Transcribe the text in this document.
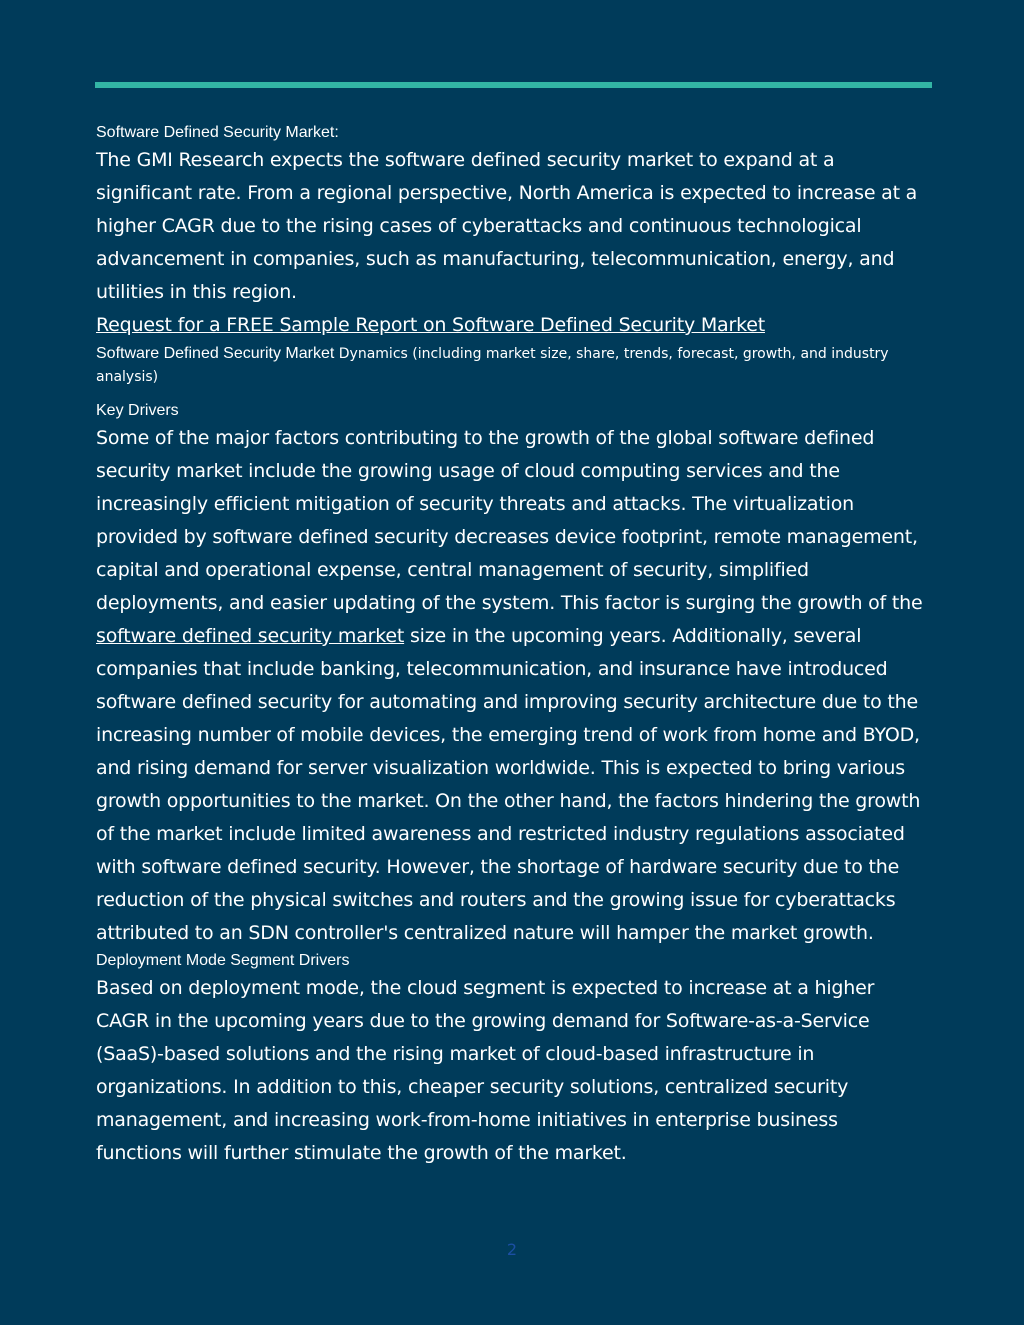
Software Defined Security Market:

The GMI Research expects the software defined security market to expand at a significant rate. From a regional perspective, North America is expected to increase at a higher CAGR due to the rising cases of cyberattacks and continuous technological advancement in companies, such as manufacturing, telecommunication, energy, and utilities in this region.

Request for a FREE Sample Report on Software Defined Security Market

Software Defined Security Market Dynamics (including market size, share, trends, forecast, growth, and industry analysis)

Key Drivers

Some of the major factors contributing to the growth of the global software defined security market include the growing usage of cloud computing services and the increasingly efficient mitigation of security threats and attacks. The virtualization provided by software defined security decreases device footprint, remote management, capital and operational expense, central management of security, simplified deployments, and easier updating of the system. This factor is surging the growth of the software defined security market size in the upcoming years. Additionally, several companies that include banking, telecommunication, and insurance have introduced software defined security for automating and improving security architecture due to the increasing number of mobile devices, the emerging trend of work from home and BYOD, and rising demand for server visualization worldwide. This is expected to bring various growth opportunities to the market. On the other hand, the factors hindering the growth of the market include limited awareness and restricted industry regulations associated with software defined security. However, the shortage of hardware security due to the reduction of the physical switches and routers and the growing issue for cyberattacks attributed to an SDN controller's centralized nature will hamper the market growth.

Deployment Mode Segment Drivers

Based on deployment mode, the cloud segment is expected to increase at a higher CAGR in the upcoming years due to the growing demand for Software-as-a-Service (SaaS)-based solutions and the rising market of cloud-based infrastructure in organizations. In addition to this, cheaper security solutions, centralized security management, and increasing work-from-home initiatives in enterprise business functions will further stimulate the growth of the market.

2
